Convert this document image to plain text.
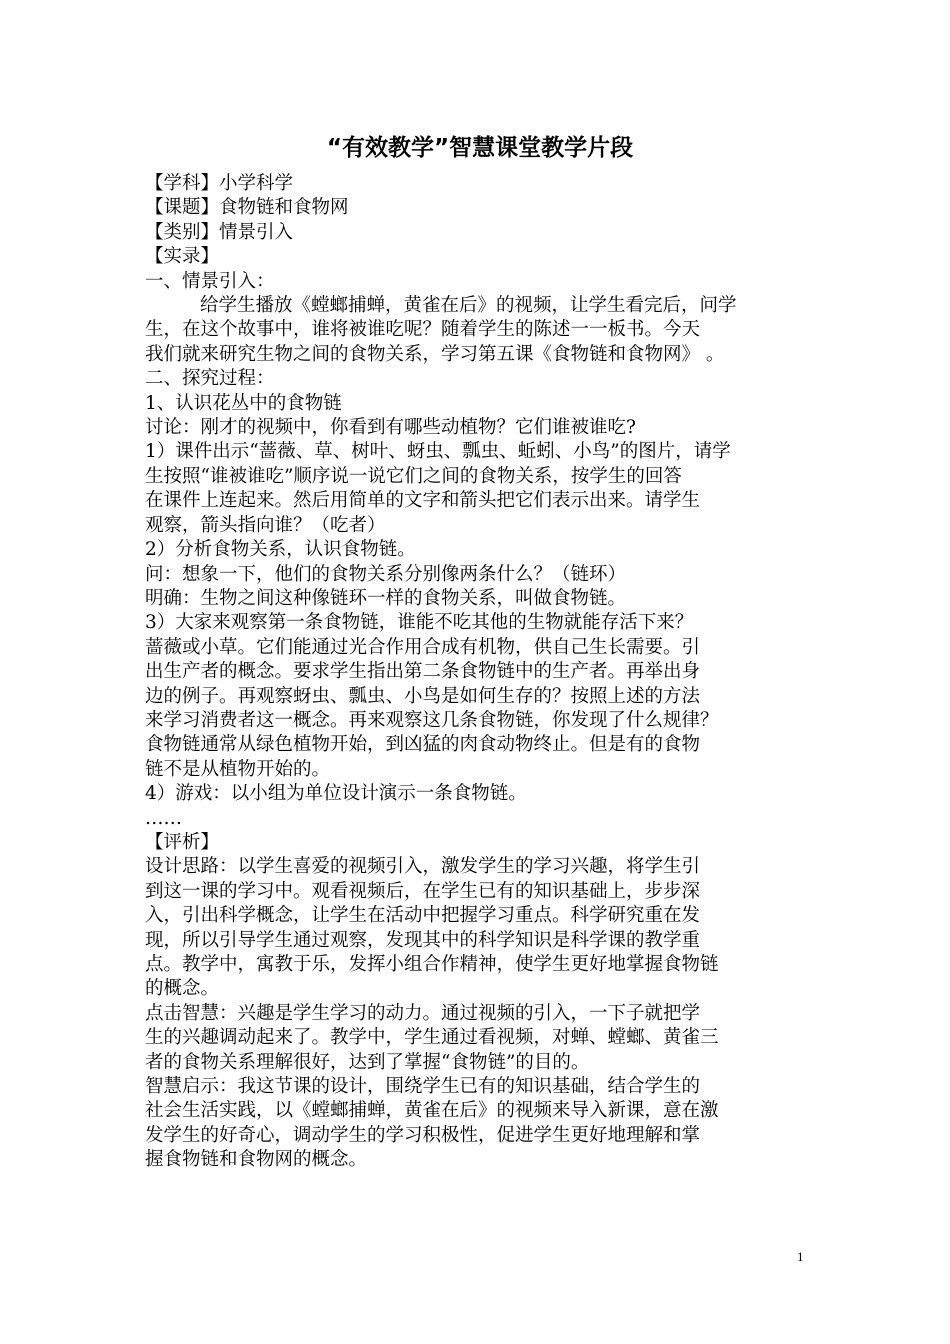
“有效教学”智慧课堂教学片段

【学科】小学科学

【课题】食物链和食物网

【类别】情景引入

【实录】

一、情景引入：

给学生播放《螳螂捕蝉，黄雀在后》的视频，让学生看完后，问学

生，在这个故事中，谁将被谁吃呢？随着学生的陈述一一板书。今天

我们就来研究生物之间的食物关系，学习第五课《食物链和食物网》 。

二、探究过程：

1、认识花丛中的食物链

讨论：刚才的视频中，你看到有哪些动植物？它们谁被谁吃?

1）课件出示“蔷薇、草、树叶、蚜虫、瓢虫、蚯蚓、小鸟”的图片，请学

生按照“谁被谁吃”顺序说一说它们之间的食物关系，按学生的回答

在课件上连起来。然后用简单的文字和箭头把它们表示出来。请学生

观察，箭头指向谁？（吃者）

2）分析食物关系，认识食物链。

问：想象一下，他们的食物关系分别像两条什么？（链环）

明确：生物之间这种像链环一样的食物关系，叫做食物链。

3）大家来观察第一条食物链，谁能不吃其他的生物就能存活下来？

蔷薇或小草。它们能通过光合作用合成有机物，供自己生长需要。引

出生产者的概念。要求学生指出第二条食物链中的生产者。再举出身

边的例子。再观察蚜虫、瓢虫、小鸟是如何生存的？按照上述的方法

来学习消费者这一概念。再来观察这几条食物链，你发现了什么规律？

食物链通常从绿色植物开始，到凶猛的肉食动物终止。但是有的食物

链不是从植物开始的。

4）游戏：以小组为单位设计演示一条食物链。

……

【评析】

设计思路：以学生喜爱的视频引入，激发学生的学习兴趣，将学生引

到这一课的学习中。观看视频后，在学生已有的知识基础上，步步深

入，引出科学概念，让学生在活动中把握学习重点。科学研究重在发

现，所以引导学生通过观察，发现其中的科学知识是科学课的教学重

点。教学中，寓教于乐，发挥小组合作精神，使学生更好地掌握食物链

的概念。

点击智慧：兴趣是学生学习的动力。通过视频的引入，一下子就把学

生的兴趣调动起来了。教学中，学生通过看视频，对蝉、螳螂、黄雀三

者的食物关系理解很好，达到了掌握“食物链”的目的。

智慧启示：我这节课的设计，围绕学生已有的知识基础，结合学生的

社会生活实践，以《螳螂捕蝉，黄雀在后》的视频来导入新课，意在激

发学生的好奇心，调动学生的学习积极性，促进学生更好地理解和掌

握食物链和食物网的概念。

1
